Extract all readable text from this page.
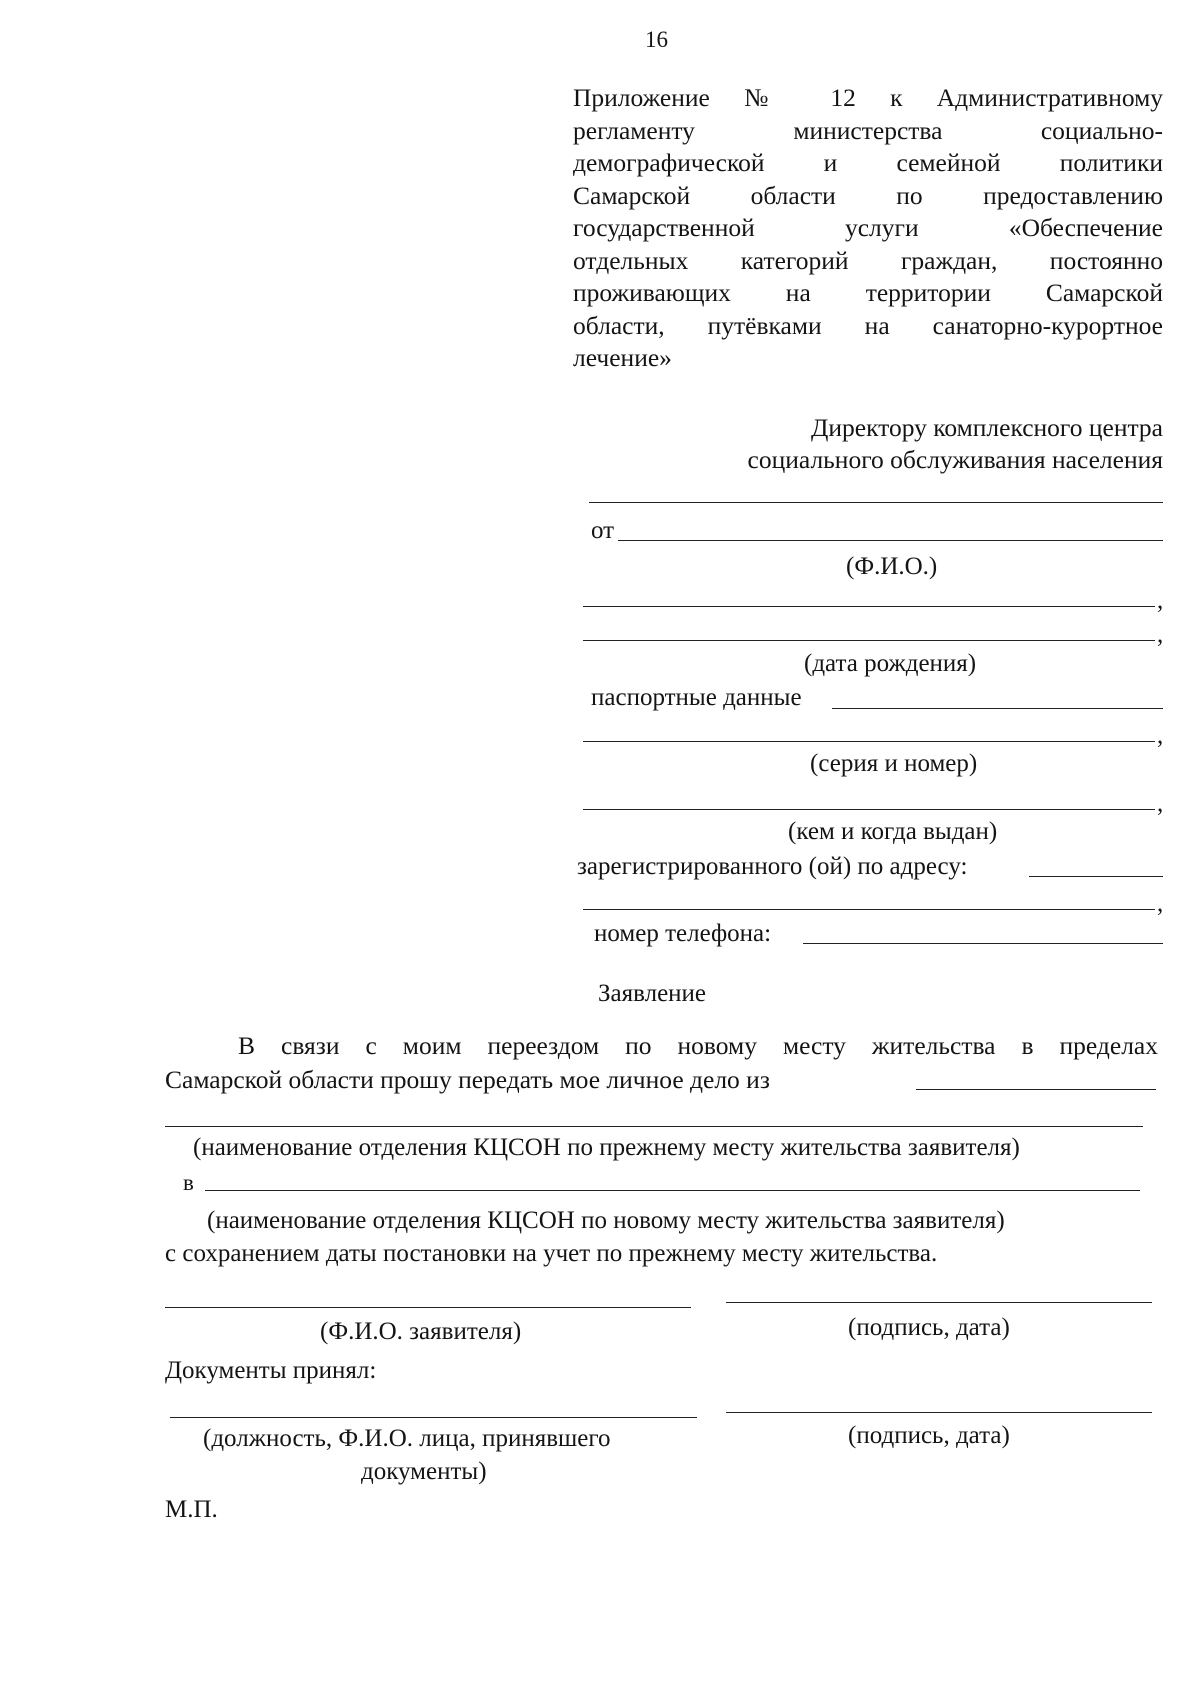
16
Приложение № 12 к Административному
регламенту министерства социально-
демографической и семейной политики
Самарской области по предоставлению
государственной услуги «Обеспечение
отдельных категорий граждан, постоянно
проживающих на территории Самарской
области, путёвками на санаторно-курортное
лечение»
Директору комплексного центра
социального обслуживания населения
от
(Ф.И.О.)
,
,
(дата рождения)
паспортные данные
,
(серия и номер)
,
(кем и когда выдан)
зарегистрированного (ой) по адресу:
,
номер телефона:
Заявление
В связи с моим переездом по новому месту жительства в пределах
Самарской области прошу передать мое личное дело из
(наименование отделения КЦСОН по прежнему месту жительства заявителя)
в
(наименование отделения КЦСОН по новому месту жительства заявителя)
с сохранением даты постановки на учет по прежнему месту жительства.
(Ф.И.О. заявителя)	(подпись, дата)
Документы принял:
(должность, Ф.И.О. лица, принявшего
документы)
(подпись, дата)
М.П.
